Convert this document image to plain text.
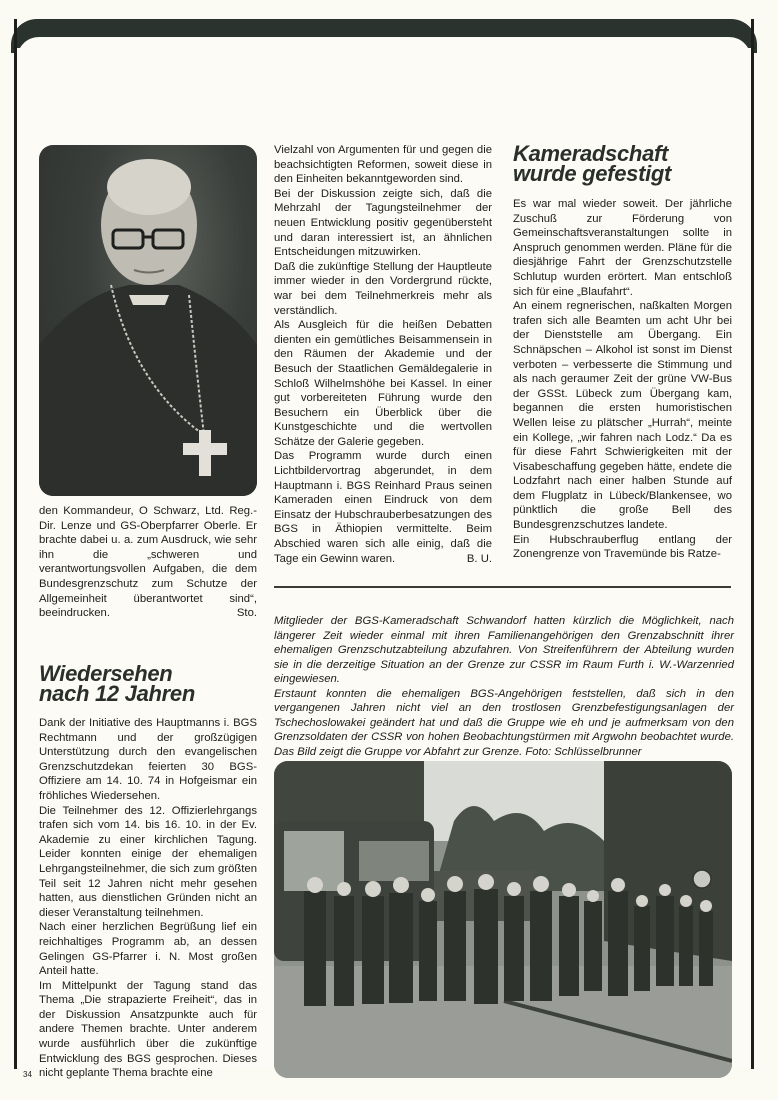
den Kommandeur, O Schwarz, Ltd. Reg.-Dir. Lenze und GS-Oberpfarrer Oberle. Er brachte dabei u. a. zum Ausdruck, wie sehr ihn die „schweren und verantwortungsvollen Aufgaben, die dem Bundesgrenzschutz zum Schutze der Allgemeinheit überantwortet sind“, beeindrucken.	Sto.

Wiedersehen
nach 12 Jahren

Dank der Initiative des Hauptmanns i. BGS Rechtmann und der großzügigen Unterstützung durch den evangelischen Grenzschutzdekan feierten 30 BGS-Offiziere am 14. 10. 74 in Hofgeismar ein fröhliches Wiedersehen.

Die Teilnehmer des 12. Offizierlehrgangs trafen sich vom 14. bis 16. 10. in der Ev. Akademie zu einer kirchlichen Tagung. Leider konnten einige der ehemaligen Lehrgangsteilnehmer, die sich zum größten Teil seit 12 Jahren nicht mehr gesehen hatten, aus dienstlichen Gründen nicht an dieser Veranstaltung teilnehmen.

Nach einer herzlichen Begrüßung lief ein reichhaltiges Programm ab, an dessen Gelingen GS-Pfarrer i. N. Most großen Anteil hatte.

Im Mittelpunkt der Tagung stand das Thema „Die strapazierte Freiheit“, das in der Diskussion Ansatzpunkte auch für andere Themen brachte. Unter anderem wurde ausführlich über die zukünftige Entwicklung des BGS gesprochen. Dieses nicht geplante Thema brachte eine

34

Vielzahl von Argumenten für und gegen die beachsichtigten Reformen, soweit diese in den Einheiten bekanntgeworden sind.

Bei der Diskussion zeigte sich, daß die Mehrzahl der Tagungsteilnehmer der neuen Entwicklung positiv gegenübersteht und daran interessiert ist, an ähnlichen Entscheidungen mitzuwirken.

Daß die zukünftige Stellung der Hauptleute immer wieder in den Vordergrund rückte, war bei dem Teilnehmerkreis mehr als verständlich.

Als Ausgleich für die heißen Debatten dienten ein gemütliches Beisammensein in den Räumen der Akademie und der Besuch der Staatlichen Gemäldegalerie in Schloß Wilhelmshöhe bei Kassel. In einer gut vorbereiteten Führung wurde den Besuchern ein Überblick über die Kunstgeschichte und die wertvollen Schätze der Galerie gegeben.

Das Programm wurde durch einen Lichtbildervortrag abgerundet, in dem Hauptmann i. BGS Reinhard Praus seinen Kameraden einen Eindruck von dem Einsatz der Hubschrauberbesatzungen des BGS in Äthiopien vermittelte. Beim Abschied waren sich alle einig, daß die Tage ein Gewinn waren.	B. U.

Kameradschaft
wurde gefestigt

Es war mal wieder soweit. Der jährliche Zuschuß zur Förderung von Gemeinschaftsveranstaltungen sollte in Anspruch genommen werden. Pläne für die diesjährige Fahrt der Grenzschutzstelle Schlutup wurden erörtert. Man entschloß sich für eine „Blaufahrt“.

An einem regnerischen, naßkalten Morgen trafen sich alle Beamten um acht Uhr bei der Dienststelle am Übergang. Ein Schnäpschen – Alkohol ist sonst im Dienst verboten – verbesserte die Stimmung und als nach geraumer Zeit der grüne VW-Bus der GSSt. Lübeck zum Übergang kam, begannen die ersten humoristischen Wellen leise zu plätscher „Hurrah“, meinte ein Kollege, „wir fahren nach Lodz.“ Da es für diese Fahrt Schwierigkeiten mit der Visabeschaffung gegeben hätte, endete die Lodzfahrt nach einer halben Stunde auf dem Flugplatz in Lübeck/Blankensee, wo pünktlich die große Bell des Bundesgrenzschutzes landete.

Ein Hubschrauberflug entlang der Zonengrenze von Travemünde bis Ratze-

Mitglieder der BGS-Kameradschaft Schwandorf hatten kürzlich die Möglichkeit, nach längerer Zeit wieder einmal mit ihren Familienangehörigen den Grenzabschnitt ihrer ehemaligen Grenzschutzabteilung abzufahren. Von Streifenführern der Abteilung wurden sie in die derzeitige Situation an der Grenze zur CSSR im Raum Furth i. W.-Warzenried eingewiesen.

Erstaunt konnten die ehemaligen BGS-Angehörigen feststellen, daß sich in den vergangenen Jahren nicht viel an den trostlosen Grenzbefestigungsanlagen der Tschechoslowakei geändert hat und daß die Gruppe wie eh und je aufmerksam von den Grenzsoldaten der CSSR von hohen Beobachtungstürmen mit Argwohn beobachtet wurde. Das Bild zeigt die Gruppe vor Abfahrt zur Grenze. Foto: Schlüsselbrunner
